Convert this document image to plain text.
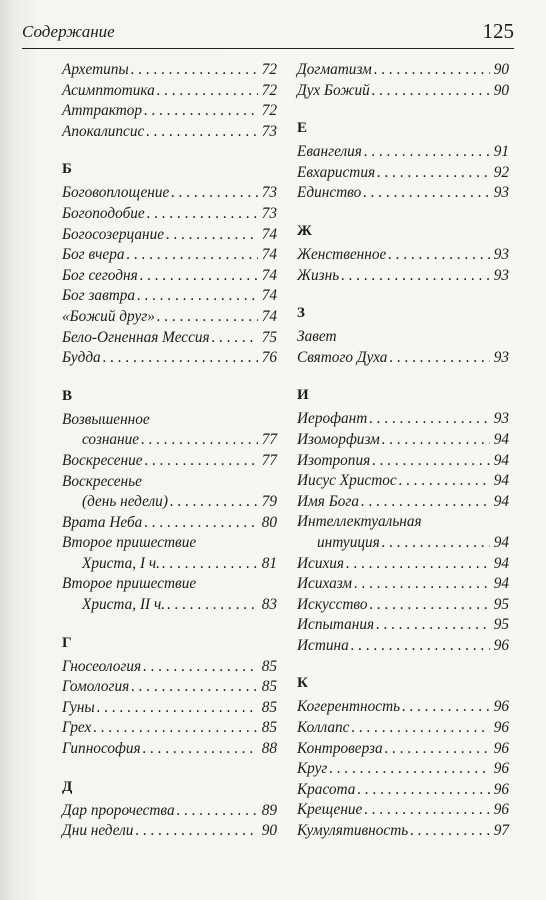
Содержание	125
Архетипы . . .	72
Асимптотика . . .	72
Аттрактор . . .	72
Апокалипсис . . .	73
Б
Боговоплощение . . .	73
Богоподобие . . .	73
Богосозерцание . . .	74
Бог вчера . . .	74
Бог сегодня . . .	74
Бог завтра . . .	74
«Божий друг» . . .	74
Бело-Огненная Мессия . . .	75
Будда . . .	76
В
Возвышенное
сознание . . .	77
Воскресение . . .	77
Воскресенье
(день недели) . . .	79
Врата Неба . . .	80
Второе пришествие
Христа, I ч. . . .	81
Второе пришествие
Христа, II ч. . . .	83
Г
Гносеология . . .	85
Гомология . . .	85
Гуны . . .	85
Грех . . .	85
Гипнософия . . .	88
Д
Дар пророчества . . .	89
Дни недели . . .	90
Догматизм . . .	90
Дух Божий . . .	90
Е
Евангелия . . .	91
Евхаристия . . .	92
Единство . . .	93
Ж
Женственное . . .	93
Жизнь . . .	93
З
Завет
Святого Духа . . .	93
И
Иерофант . . .	93
Изоморфизм . . .	94
Изотропия . . .	94
Иисус Христос . . .	94
Имя Бога . . .	94
Интеллектуальная
интуиция . . .	94
Исихия . . .	94
Исихазм . . .	94
Искусство . . .	95
Испытания . . .	95
Истина . . .	96
К
Когерентность . . .	96
Коллапс . . .	96
Контроверза . . .	96
Круг . . .	96
Красота . . .	96
Крещение . . .	96
Кумулятивность . . .	97
